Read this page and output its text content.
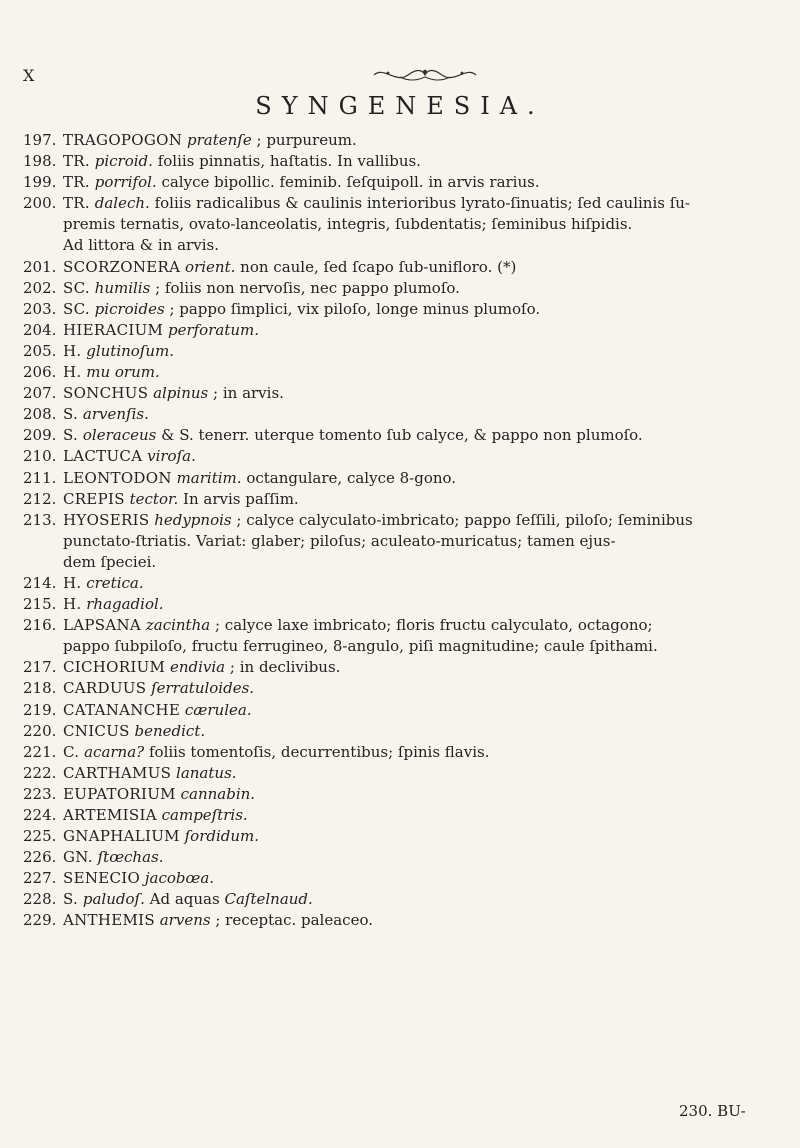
X
SYNGENESIA.
197. TRAGOPOGON pratenſe ; purpureum.
198. TR. picroid. foliis pinnatis, haſtatis. In vallibus.
199. TR. porrifol. calyce bipollic. feminib. ſeſquipoll. in arvis rarius.
200. TR. dalech. foliis radicalibus & caulinis interioribus lyrato-ſinuatis; ſed caulinis ſu-
premis ternatis, ovato-lanceolatis, integris, ſubdentatis; ſeminibus hiſpidis.
Ad littora & in arvis.
201. SCORZONERA orient. non caule, ſed ſcapo ſub-unifloro. (*)
202. SC. humilis ; foliis non nervoſis, nec pappo plumoſo.
203. SC. picroides ; pappo ſimplici, vix piloſo, longe minus plumoſo.
204. HIERACIUM perforatum.
205. H. glutinoſum.
206. H. mu orum.
207. SONCHUS alpinus ; in arvis.
208. S. arvenſis.
209. S. oleraceus & S. tenerr. uterque tomento ſub calyce, & pappo non plumoſo.
210. LACTUCA viroſa.
211. LEONTODON maritim. octangulare, calyce 8-gono.
212. CREPIS tector. In arvis paſſim.
213. HYOSERIS hedypnois ; calyce calyculato-imbricato; pappo ſeſſili, piloſo; ſeminibus
punctato-ſtriatis. Variat: glaber; piloſus; aculeato-muricatus; tamen ejus-
dem ſpeciei.
214. H. cretica.
215. H. rhagadiol.
216. LAPSANA zacintha ; calyce laxe imbricato; floris fructu calyculato, octagono;
pappo ſubpiloſo, fructu ferrugineo, 8-angulo, piſi magnitudine; caule ſpithami.
217. CICHORIUM endivia ; in declivibus.
218. CARDUUS ſerratuloides.
219. CATANANCHE cærulea.
220. CNICUS benedict.
221. C. acarna? foliis tomentoſis, decurrentibus; ſpinis flavis.
222. CARTHAMUS lanatus.
223. EUPATORIUM cannabin.
224. ARTEMISIA campeſtris.
225. GNAPHALIUM ſordidum.
226. GN. ſtœchas.
227. SENECIO jacobœa.
228. S. paludoſ. Ad aquas Caſtelnaud.
229. ANTHEMIS arvens ; receptac. paleaceo.
230. BU-
